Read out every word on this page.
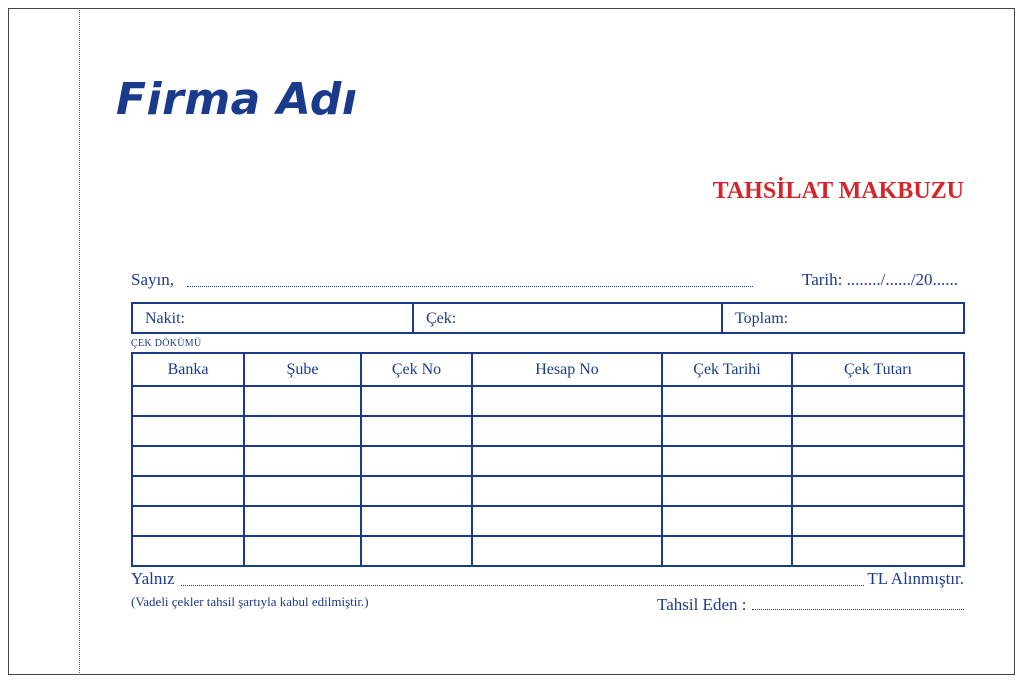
Firma Adı
TAHSİLAT MAKBUZU
Sayın,	Tarih: ......../....../20......
Nakit:	Çek:	Toplam:
ÇEK DÖKÜMÜ
Banka	Şube	Çek No	Hesap No	Çek Tarihi	Çek Tutarı

Yalnız	TL Alınmıştır.
(Vadeli çekler tahsil şartıyla kabul edilmiştir.)	Tahsil Eden :
